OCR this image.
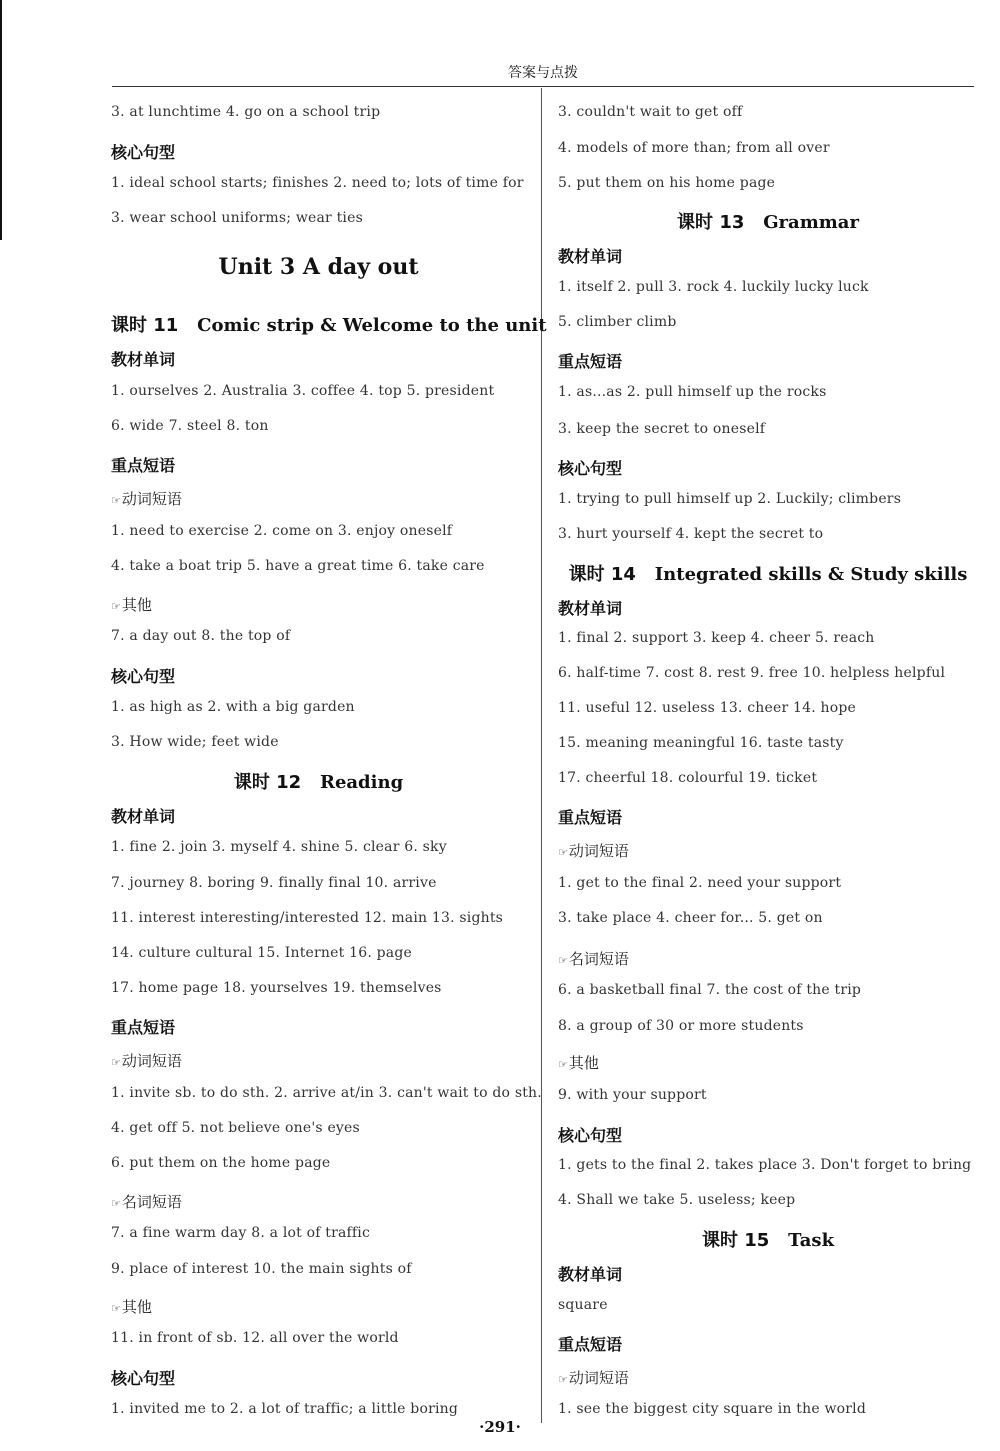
答案与点拨
3. at lunchtime 4. go on a school trip
核心句型
1. ideal school starts; finishes 2. need to; lots of time for
3. wear school uniforms; wear ties
Unit 3 A day out
课时 11 Comic strip & Welcome to the unit
教材单词
1. ourselves 2. Australia 3. coffee 4. top 5. president
6. wide 7. steel 8. ton
重点短语
☞ 动词短语
1. need to exercise 2. come on 3. enjoy oneself
4. take a boat trip 5. have a great time 6. take care
☞ 其他
7. a day out 8. the top of
核心句型
1. as high as 2. with a big garden
3. How wide; feet wide
课时 12 Reading
教材单词
1. fine 2. join 3. myself 4. shine 5. clear 6. sky
7. journey 8. boring 9. finally final 10. arrive
11. interest interesting/interested 12. main 13. sights
14. culture cultural 15. Internet 16. page
17. home page 18. yourselves 19. themselves
重点短语
☞ 动词短语
1. invite sb. to do sth. 2. arrive at/in 3. can't wait to do sth.
4. get off 5. not believe one's eyes
6. put them on the home page
☞ 名词短语
7. a fine warm day 8. a lot of traffic
9. place of interest 10. the main sights of
☞ 其他
11. in front of sb. 12. all over the world
核心句型
1. invited me to 2. a lot of traffic; a little boring
3. couldn't wait to get off
4. models of more than; from all over
5. put them on his home page
课时 13 Grammar
教材单词
1. itself 2. pull 3. rock 4. luckily lucky luck
5. climber climb
重点短语
1. as...as 2. pull himself up the rocks
3. keep the secret to oneself
核心句型
1. trying to pull himself up 2. Luckily; climbers
3. hurt yourself 4. kept the secret to
课时 14 Integrated skills & Study skills
教材单词
1. final 2. support 3. keep 4. cheer 5. reach
6. half-time 7. cost 8. rest 9. free 10. helpless helpful
11. useful 12. useless 13. cheer 14. hope
15. meaning meaningful 16. taste tasty
17. cheerful 18. colourful 19. ticket
重点短语
☞ 动词短语
1. get to the final 2. need your support
3. take place 4. cheer for... 5. get on
☞ 名词短语
6. a basketball final 7. the cost of the trip
8. a group of 30 or more students
☞ 其他
9. with your support
核心句型
1. gets to the final 2. takes place 3. Don't forget to bring
4. Shall we take 5. useless; keep
课时 15 Task
教材单词
square
重点短语
☞ 动词短语
1. see the biggest city square in the world
·291·
